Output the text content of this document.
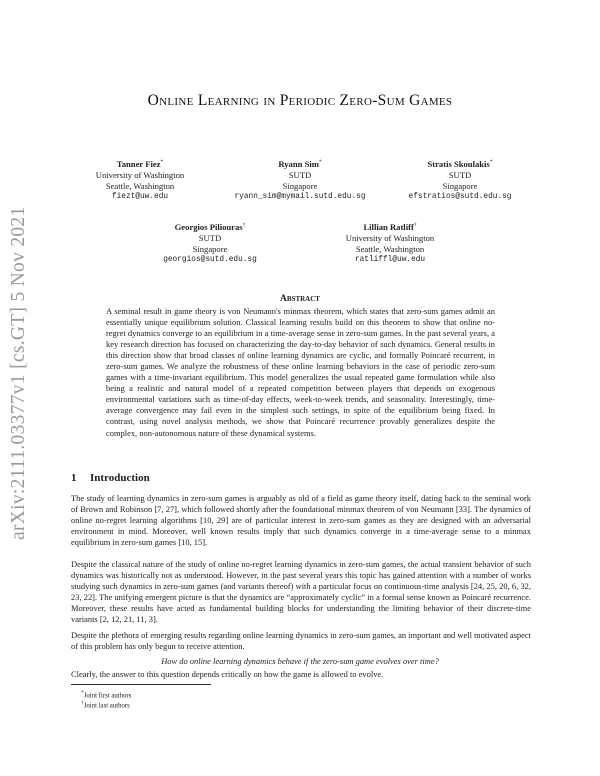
arXiv:2111.03377v1 [cs.GT] 5 Nov 2021
Online Learning in Periodic Zero-Sum Games
Tanner Fiez*
University of Washington
Seattle, Washington
fiezt@uw.edu
Ryann Sim*
SUTD
Singapore
ryann_sim@mymail.sutd.edu.sg
Stratis Skoulakis*
SUTD
Singapore
efstratios@sutd.edu.sg
Georgios Piliouras†
SUTD
Singapore
georgios@sutd.edu.sg
Lillian Ratliff†
University of Washington
Seattle, Washington
ratliffl@uw.edu
Abstract
A seminal result in game theory is von Neumann's minmax theorem, which states that zero-sum games admit an essentially unique equilibrium solution. Classical learning results build on this theorem to show that online no-regret dynamics converge to an equilibrium in a time-average sense in zero-sum games. In the past several years, a key research direction has focused on characterizing the day-to-day behavior of such dynamics. General results in this direction show that broad classes of online learning dynamics are cyclic, and formally Poincaré recurrent, in zero-sum games. We analyze the robustness of these online learning behaviors in the case of periodic zero-sum games with a time-invariant equilibrium. This model generalizes the usual repeated game formulation while also being a realistic and natural model of a repeated competition between players that depends on exogenous environmental variations such as time-of-day effects, week-to-week trends, and seasonality. Interestingly, time-average convergence may fail even in the simplest such settings, in spite of the equilibrium being fixed. In contrast, using novel analysis methods, we show that Poincaré recurrence provably generalizes despite the complex, non-autonomous nature of these dynamical systems.
1 Introduction
The study of learning dynamics in zero-sum games is arguably as old of a field as game theory itself, dating back to the seminal work of Brown and Robinson [7, 27], which followed shortly after the foundational minmax theorem of von Neumann [33]. The dynamics of online no-regret learning algorithms [10, 29] are of particular interest in zero-sum games as they are designed with an adversarial environment in mind. Moreover, well known results imply that such dynamics converge in a time-average sense to a minmax equilibrium in zero-sum games [10, 15].
Despite the classical nature of the study of online no-regret learning dynamics in zero-sum games, the actual transient behavior of such dynamics was historically not as understood. However, in the past several years this topic has gained attention with a number of works studying such dynamics in zero-sum games (and variants thereof) with a particular focus on continuous-time analysis [24, 25, 20, 6, 32, 23, 22]. The unifying emergent picture is that the dynamics are “approximately cyclic” in a formal sense known as Poincaré recurrence. Moreover, these results have acted as fundamental building blocks for understanding the limiting behavior of their discrete-time variants [2, 12, 21, 11, 3].
Despite the plethora of emerging results regarding online learning dynamics in zero-sum games, an important and well motivated aspect of this problem has only begun to receive attention.
How do online learning dynamics behave if the zero-sum game evolves over time?
Clearly, the answer to this question depends critically on how the game is allowed to evolve.
*Joint first authors
†Joint last authors
